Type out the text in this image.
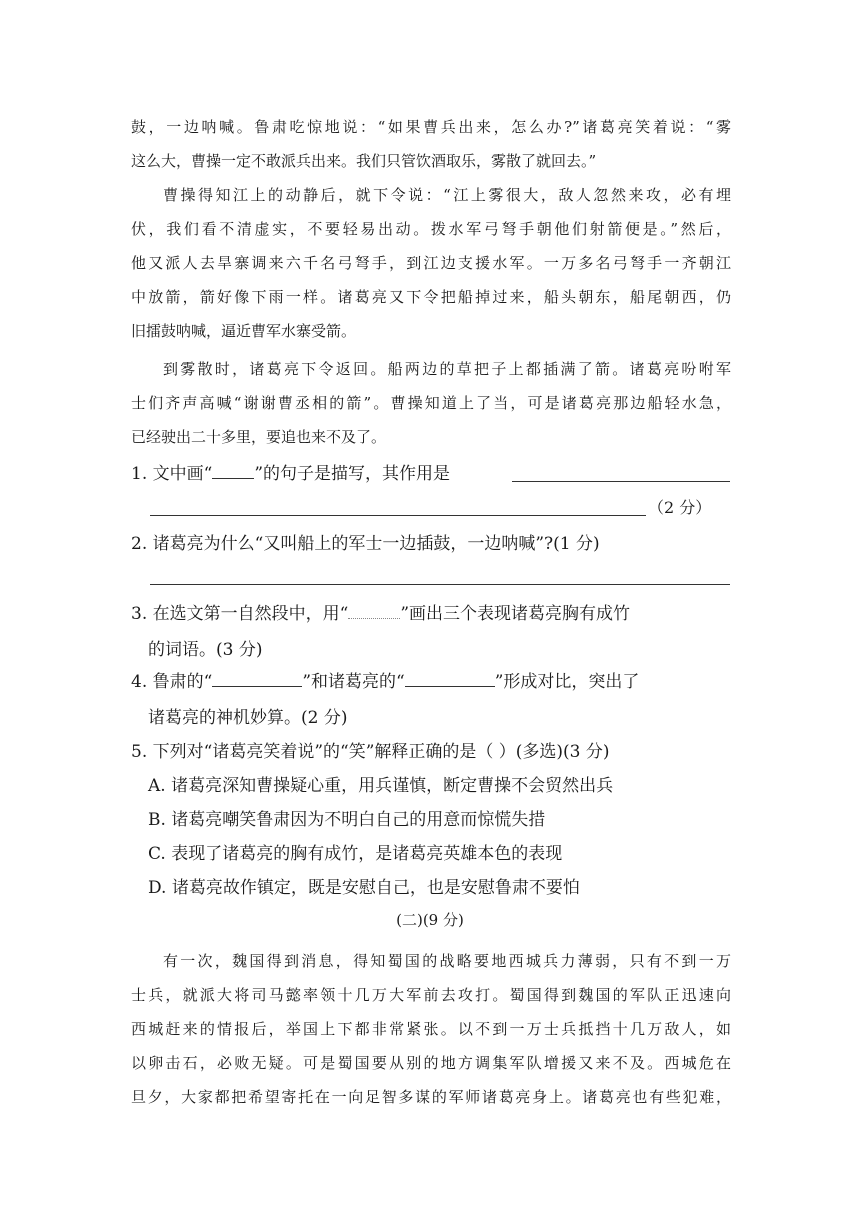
鼓，一边呐喊。鲁肃吃惊地说：“如果曹兵出来，怎么办?”诸葛亮笑着说：“雾
这么大，曹操一定不敢派兵出来。我们只管饮酒取乐，雾散了就回去。”
曹操得知江上的动静后，就下令说：“江上雾很大，敌人忽然来攻，必有埋
伏，我们看不清虚实，不要轻易出动。拨水军弓弩手朝他们射箭便是。”然后，
他又派人去旱寨调来六千名弓弩手，到江边支援水军。一万多名弓弩手一齐朝江
中放箭，箭好像下雨一样。诸葛亮又下令把船掉过来，船头朝东，船尾朝西，仍
旧擂鼓呐喊，逼近曹军水寨受箭。
到雾散时，诸葛亮下令返回。船两边的草把子上都插满了箭。诸葛亮吩咐军
士们齐声高喊“谢谢曹丞相的箭”。曹操知道上了当，可是诸葛亮那边船轻水急，
已经驶出二十多里，要追也来不及了。
1. 文中画“ ”的句子是描写，其作用是
（2 分）
2. 诸葛亮为什么“又叫船上的军士一边插鼓，一边呐喊”?(1 分)
3. 在选文第一自然段中，用“	”画出三个表现诸葛亮胸有成竹
的词语。(3 分)
4. 鲁肃的“	”和诸葛亮的“	”形成对比，突出了
诸葛亮的神机妙算。(2 分)
5. 下列对“诸葛亮笑着说”的“笑”解释正确的是（ ）(多选)(3 分)
A. 诸葛亮深知曹操疑心重，用兵谨慎，断定曹操不会贸然出兵
B. 诸葛亮嘲笑鲁肃因为不明白自己的用意而惊慌失措
C. 表现了诸葛亮的胸有成竹，是诸葛亮英雄本色的表现
D. 诸葛亮故作镇定，既是安慰自己，也是安慰鲁肃不要怕
(二)(9 分)
有一次，魏国得到消息，得知蜀国的战略要地西城兵力薄弱，只有不到一万
士兵，就派大将司马懿率领十几万大军前去攻打。蜀国得到魏国的军队正迅速向
西城赶来的情报后，举国上下都非常紧张。以不到一万士兵抵挡十几万敌人，如
以卵击石，必败无疑。可是蜀国要从别的地方调集军队增援又来不及。西城危在
旦夕，大家都把希望寄托在一向足智多谋的军师诸葛亮身上。诸葛亮也有些犯难，
